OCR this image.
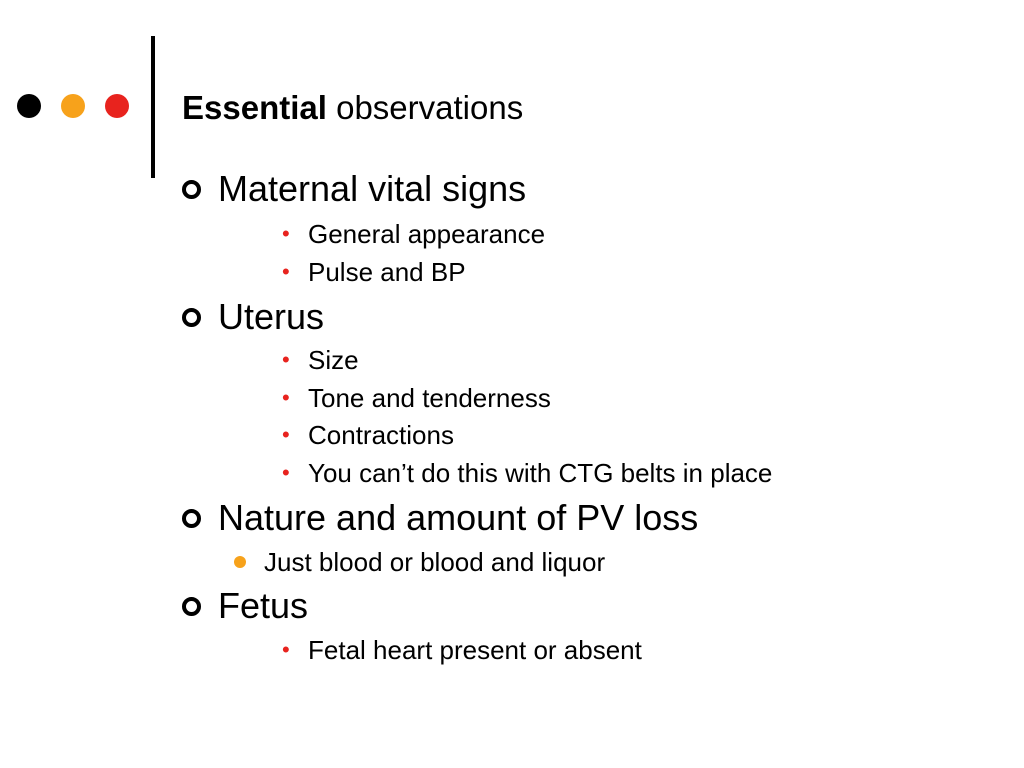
Essential observations
Maternal vital signs
• General appearance
• Pulse and BP
Uterus
• Size
• Tone and tenderness
• Contractions
• You can’t do this with CTG belts in place
Nature and amount of PV loss
Just blood or blood and liquor
Fetus
• Fetal heart present or absent
